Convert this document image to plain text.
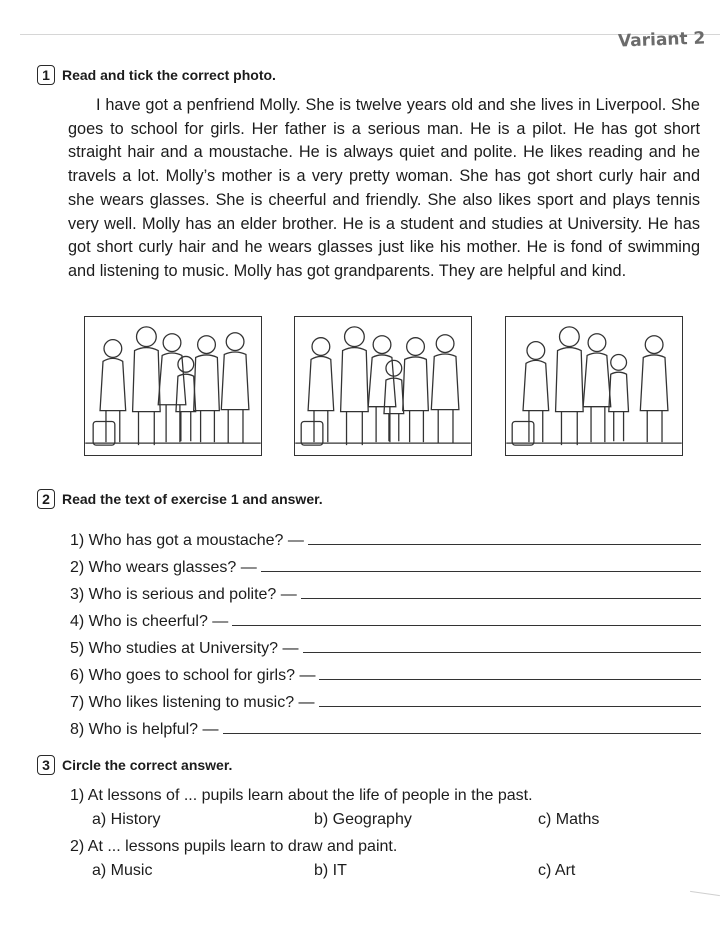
Variant 2
1 Read and tick the correct photo.
I have got a penfriend Molly. She is twelve years old and she lives in Liverpool. She goes to school for girls. Her father is a serious man. He is a pilot. He has got short straight hair and a moustache. He is always quiet and polite. He likes reading and he travels a lot. Molly’s mother is a very pretty woman. She has got short curly hair and she wears glasses. She is cheerful and friendly. She also likes sport and plays tennis very well. Molly has an elder brother. He is a student and studies at University. He has got short curly hair and he wears glasses just like his mother. He is fond of swimming and listening to music. Molly has got grandparents. They are helpful and kind.
2 Read the text of exercise 1 and answer.
1) Who has got a moustache? —
2) Who wears glasses? —
3) Who is serious and polite? —
4) Who is cheerful? —
5) Who studies at University? —
6) Who goes to school for girls? —
7) Who likes listening to music? —
8) Who is helpful? —
3 Circle the correct answer.
1) At lessons of ... pupils learn about the life of people in the past.
a) History	b) Geography	c) Maths
2) At ... lessons pupils learn to draw and paint.
a) Music	b) IT	c) Art
